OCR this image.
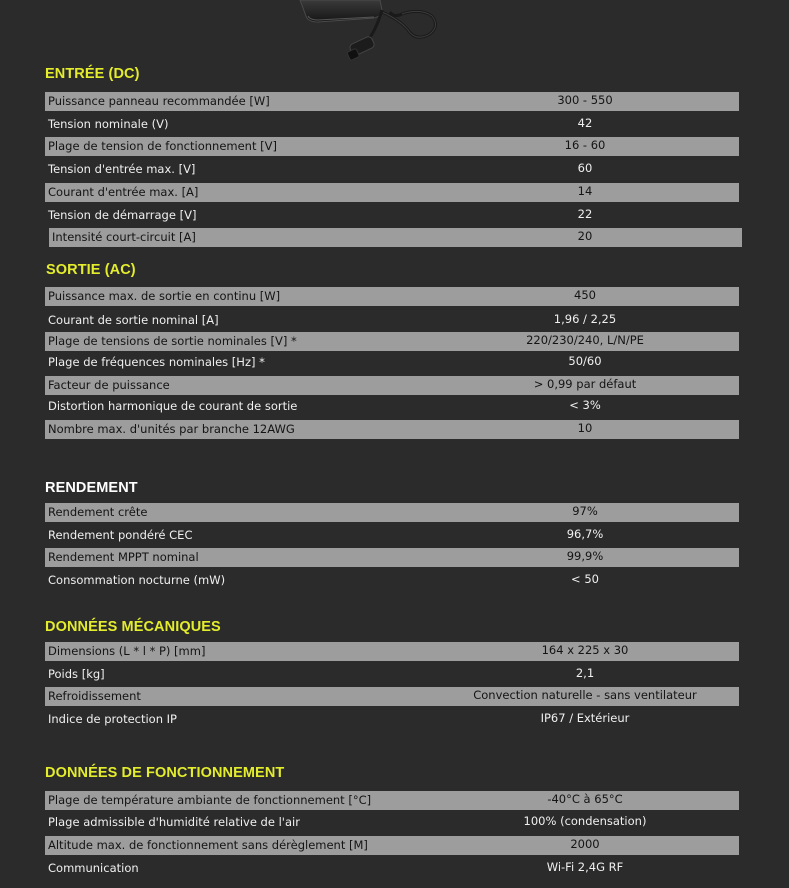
ENTRÉE (DC)
Puissance panneau recommandée [W]	300 - 550
Tension nominale (V)	42
Plage de tension de fonctionnement [V]	16 - 60
Tension d'entrée max. [V]	60
Courant d'entrée max. [A]	14
Tension de démarrage [V]	22
Intensité court-circuit [A]	20
SORTIE (AC)
Puissance max. de sortie en continu [W]	450
Courant de sortie nominal [A]	1,96 / 2,25
Plage de tensions de sortie nominales [V] *	220/230/240, L/N/PE
Plage de fréquences nominales [Hz] *	50/60
Facteur de puissance	> 0,99 par défaut
Distortion harmonique de courant de sortie	< 3%
Nombre max. d'unités par branche 12AWG	10
RENDEMENT
Rendement crête	97%
Rendement pondéré CEC	96,7%
Rendement MPPT nominal	99,9%
Consommation nocturne (mW)	< 50
DONNÉES MÉCANIQUES
Dimensions (L * l * P) [mm]	164 x 225 x 30
Poids [kg]	2,1
Refroidissement	Convection naturelle - sans ventilateur
Indice de protection IP	IP67 / Extérieur
DONNÉES DE FONCTIONNEMENT
Plage de température ambiante de fonctionnement [°C]	-40°C à 65°C
Plage admissible d'humidité relative de l'air	100% (condensation)
Altitude max. de fonctionnement sans dérèglement [M]	2000
Communication	Wi-Fi 2,4G RF
